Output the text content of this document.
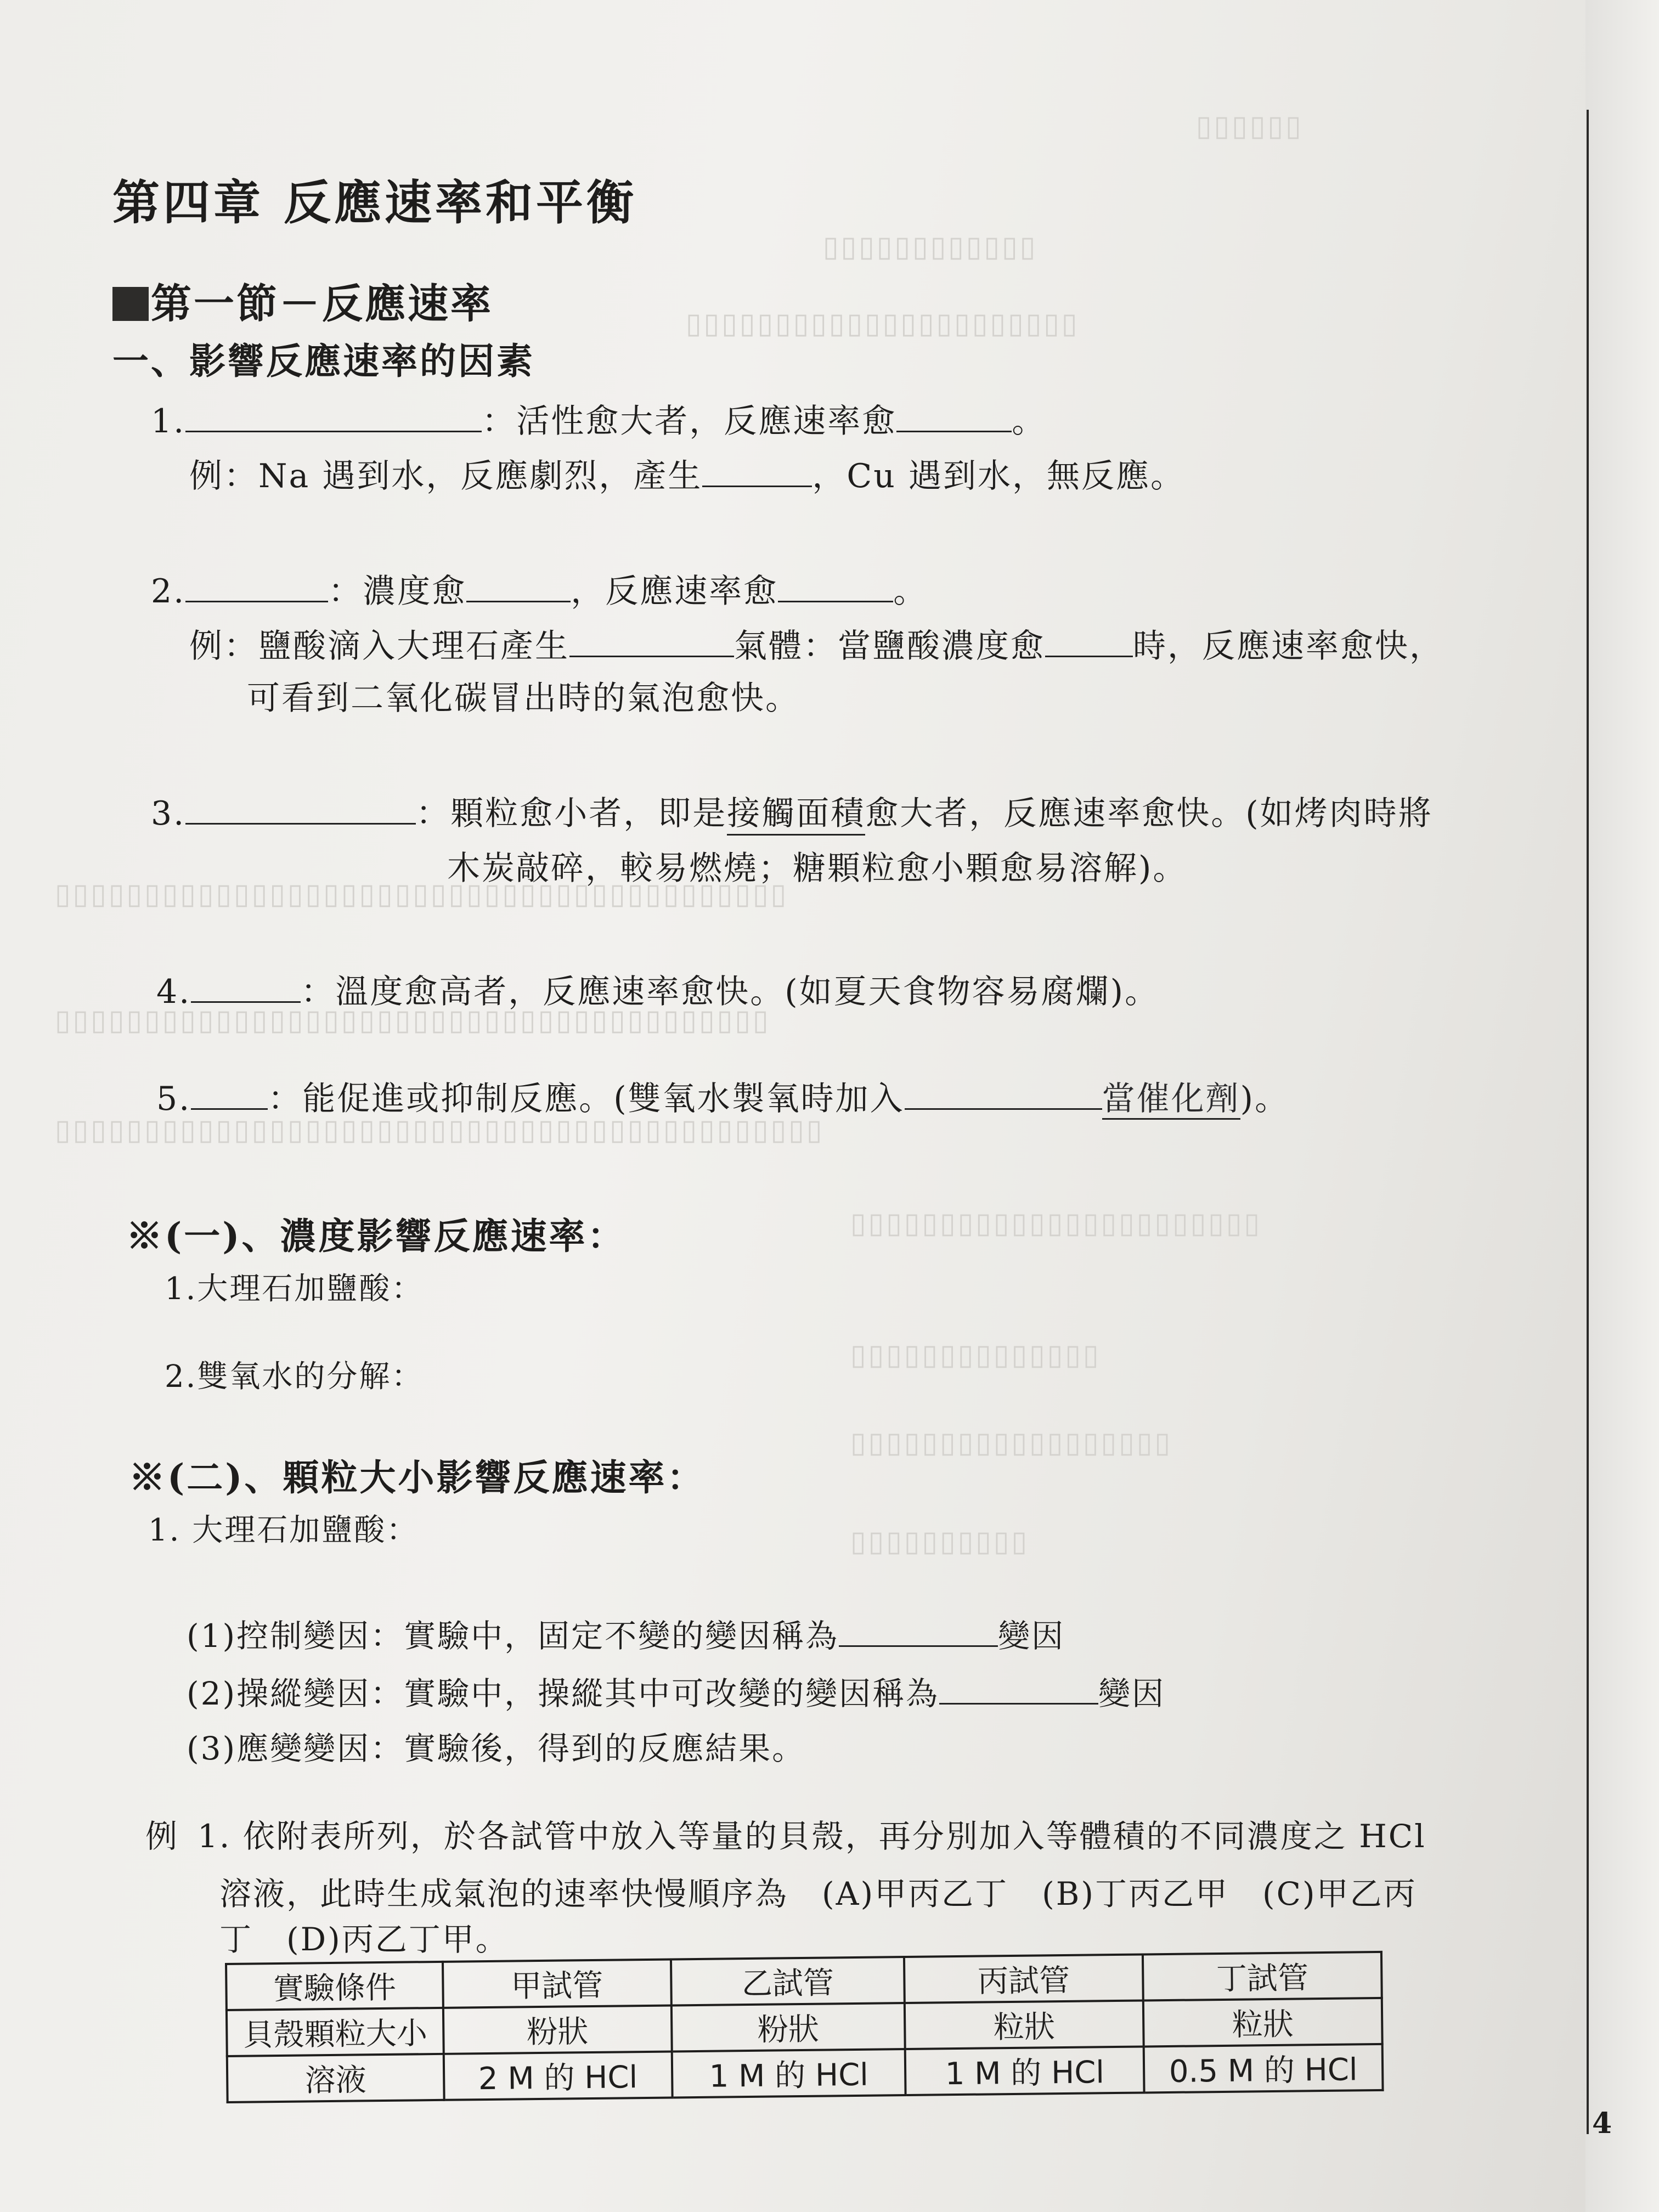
▯▯▯▯▯▯
▯▯▯▯▯▯▯▯▯▯▯▯
▯▯▯▯▯▯▯▯▯▯▯▯▯▯▯▯▯▯▯▯▯▯
▯▯▯▯▯▯▯▯▯▯▯▯▯▯▯▯▯▯▯▯▯▯▯▯▯▯▯▯▯▯▯▯▯▯▯▯▯▯▯▯▯
▯▯▯▯▯▯▯▯▯▯▯▯▯▯▯▯▯▯▯▯▯▯▯▯▯▯▯▯▯▯▯▯▯▯▯▯▯▯▯▯
▯▯▯▯▯▯▯▯▯▯▯▯▯▯▯▯▯▯▯▯▯▯▯▯▯▯▯▯▯▯▯▯▯▯▯▯▯▯▯▯▯▯▯
▯▯▯▯▯▯▯▯▯▯▯▯▯▯▯▯▯▯▯▯▯▯▯
▯▯▯▯▯▯▯▯▯▯▯▯▯▯
▯▯▯▯▯▯▯▯▯▯▯▯▯▯▯▯▯▯
▯▯▯▯▯▯▯▯▯▯
第四章 反應速率和平衡
第一節－反應速率
一、影響反應速率的因素
1.	：活性愈大者，反應速率愈	。
例：Na 遇到水，反應劇烈，產生	，Cu 遇到水，無反應。
2.	：濃度愈	，反應速率愈	。
例：鹽酸滴入大理石產生	氣體：當鹽酸濃度愈	時，反應速率愈快，
可看到二氧化碳冒出時的氣泡愈快。
3.	：顆粒愈小者，即是接觸面積愈大者，反應速率愈快。(如烤肉時將
木炭敲碎，較易燃燒；糖顆粒愈小顆愈易溶解)。
4.	：溫度愈高者，反應速率愈快。(如夏天食物容易腐爛)。
5. ：能促進或抑制反應。(雙氧水製氧時加入	當催化劑)。
※(一)、濃度影響反應速率：
1.大理石加鹽酸：
2.雙氧水的分解：
※(二)、顆粒大小影響反應速率：
1. 大理石加鹽酸：
(1)控制變因：實驗中，固定不變的變因稱為	變因
(2)操縱變因：實驗中，操縱其中可改變的變因稱為	變因
(3)應變變因：實驗後，得到的反應結果。
例 1. 依附表所列，於各試管中放入等量的貝殼，再分別加入等體積的不同濃度之 HCl
溶液，此時生成氣泡的速率快慢順序為　(A)甲丙乙丁　(B)丁丙乙甲　(C)甲乙丙
丁　(D)丙乙丁甲。
實驗條件	甲試管	乙試管	丙試管	丁試管
貝殼顆粒大小	粉狀	粉狀	粒狀	粒狀
溶液	2 M 的 HCl	1 M 的 HCl	1 M 的 HCl	0.5 M 的 HCl
4
